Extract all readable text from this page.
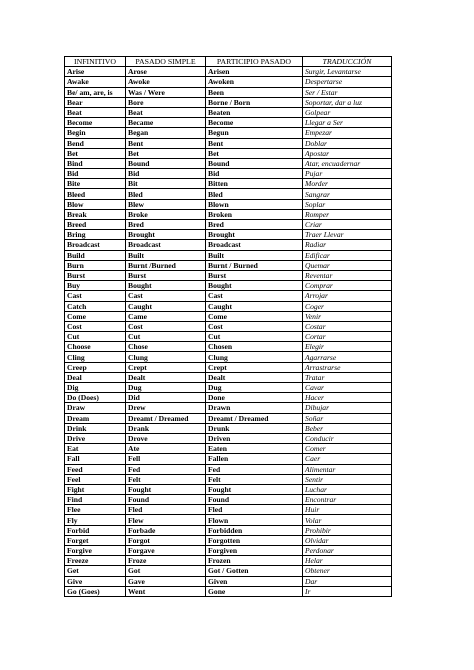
INFINITIVO	PASADO SIMPLE	PARTICIPIO PASADO	TRADUCCIÓN
Arise	Arose	Arisen	Surgir, Levantarse
Awake	Awoke	Awoken	Despertarse
Be/ am, are, is	Was / Were	Been	Ser / Estar
Bear	Bore	Borne / Born	Soportar, dar a luz
Beat	Beat	Beaten	Golpear
Become	Became	Become	Llegar a Ser
Begin	Began	Begun	Empezar
Bend	Bent	Bent	Doblar
Bet	Bet	Bet	Apostar
Bind	Bound	Bound	Atar, encuadernar
Bid	Bid	Bid	Pujar
Bite	Bit	Bitten	Morder
Bleed	Bled	Bled	Sangrar
Blow	Blew	Blown	Soplar
Break	Broke	Broken	Romper
Breed	Bred	Bred	Criar
Bring	Brought	Brought	Traer Llevar
Broadcast	Broadcast	Broadcast	Radiar
Build	Built	Built	Edificar
Burn	Burnt /Burned	Burnt / Burned	Quemar
Burst	Burst	Burst	Reventar
Buy	Bought	Bought	Comprar
Cast	Cast	Cast	Arrojar
Catch	Caught	Caught	Coger
Come	Came	Come	Venir
Cost	Cost	Cost	Costar
Cut	Cut	Cut	Cortar
Choose	Chose	Chosen	Elegir
Cling	Clung	Clung	Agarrarse
Creep	Crept	Crept	Arrastrarse
Deal	Dealt	Dealt	Tratar
Dig	Dug	Dug	Cavar
Do (Does)	Did	Done	Hacer
Draw	Drew	Drawn	Dibujar
Dream	Dreamt / Dreamed	Dreamt / Dreamed	Soñar
Drink	Drank	Drunk	Beber
Drive	Drove	Driven	Conducir
Eat	Ate	Eaten	Comer
Fall	Fell	Fallen	Caer
Feed	Fed	Fed	Alimentar
Feel	Felt	Felt	Sentir
Fight	Fought	Fought	Luchar
Find	Found	Found	Encontrar
Flee	Fled	Fled	Huir
Fly	Flew	Flown	Volar
Forbid	Forbade	Forbidden	Prohibir
Forget	Forgot	Forgotten	Olvidar
Forgive	Forgave	Forgiven	Perdonar
Freeze	Froze	Frozen	Helar
Get	Got	Got / Gotten	Obtener
Give	Gave	Given	Dar
Go (Goes)	Went	Gone	Ir
